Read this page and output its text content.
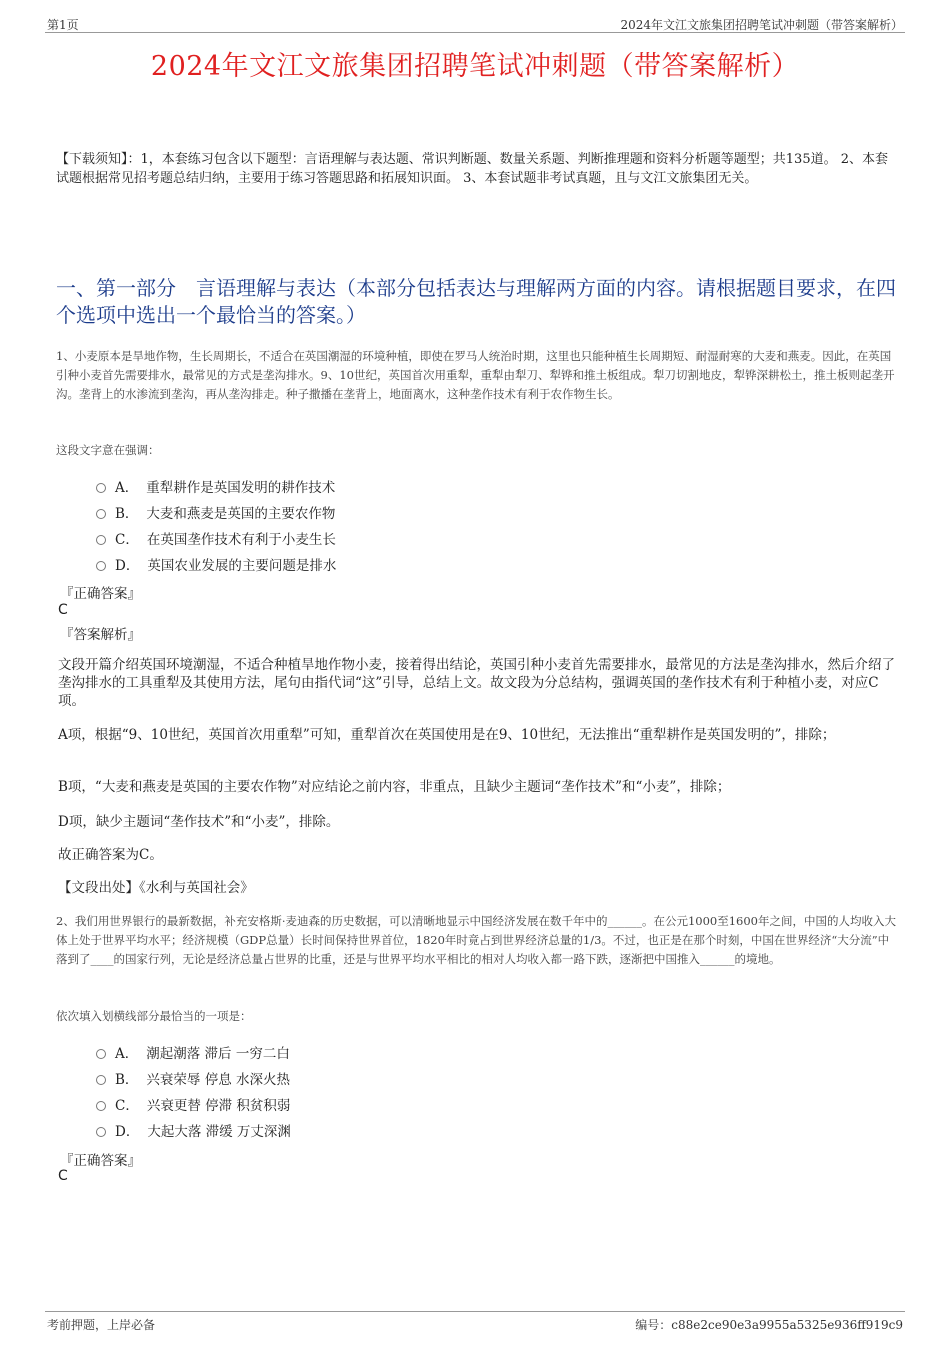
第1页	2024年文江文旅集团招聘笔试冲刺题（带答案解析）
2024年文江文旅集团招聘笔试冲刺题（带答案解析）
【下载须知】：1，本套练习包含以下题型：言语理解与表达题、常识判断题、数量关系题、判断推理题和资料分析题等题型；共135道。 2、本套试题根据常见招考题总结归纳，主要用于练习答题思路和拓展知识面。 3、本套试题非考试真题，且与文江文旅集团无关。
一、第一部分　言语理解与表达（本部分包括表达与理解两方面的内容。请根据题目要求，在四个选项中选出一个最恰当的答案。）
1、小麦原本是旱地作物，生长周期长，不适合在英国潮湿的环境种植，即使在罗马人统治时期，这里也只能种植生长周期短、耐湿耐寒的大麦和燕麦。因此，在英国引种小麦首先需要排水，最常见的方式是垄沟排水。9、10世纪，英国首次用重犁，重犁由犁刀、犁铧和推土板组成。犁刀切割地皮，犁铧深耕松土，推土板则起垄开沟。垄背上的水渗流到垄沟，再从垄沟排走。种子撒播在垄背上，地面离水，这种垄作技术有利于农作物生长。
这段文字意在强调：
A． 重犁耕作是英国发明的耕作技术
B． 大麦和燕麦是英国的主要农作物
C． 在英国垄作技术有利于小麦生长
D． 英国农业发展的主要问题是排水
『正确答案』
C
『答案解析』
文段开篇介绍英国环境潮湿，不适合种植旱地作物小麦，接着得出结论，英国引种小麦首先需要排水，最常见的方法是垄沟排水，然后介绍了垄沟排水的工具重犁及其使用方法，尾句由指代词“这”引导，总结上文。故文段为分总结构，强调英国的垄作技术有利于种植小麦，对应C项。
A项，根据“9、10世纪，英国首次用重犁”可知，重犁首次在英国使用是在9、10世纪，无法推出“重犁耕作是英国发明的”，排除；
B项，“大麦和燕麦是英国的主要农作物”对应结论之前内容，非重点，且缺少主题词“垄作技术”和“小麦”，排除；
D项，缺少主题词“垄作技术”和“小麦”，排除。
故正确答案为C。
【文段出处】《水利与英国社会》
2、我们用世界银行的最新数据，补充安格斯·麦迪森的历史数据，可以清晰地显示中国经济发展在数千年中的______。在公元1000至1600年之间，中国的人均收入大体上处于世界平均水平；经济规模（GDP总量）长时间保持世界首位，1820年时竟占到世界经济总量的1/3。不过，也正是在那个时刻，中国在世界经济“大分流”中落到了____的国家行列，无论是经济总量占世界的比重，还是与世界平均水平相比的相对人均收入都一路下跌，逐渐把中国推入______的境地。
依次填入划横线部分最恰当的一项是：
A． 潮起潮落 滞后 一穷二白
B． 兴衰荣辱 停息 水深火热
C． 兴衰更替 停滞 积贫积弱
D． 大起大落 滞缓 万丈深渊
『正确答案』
C
考前押题，上岸必备	编号：c88e2ce90e3a9955a5325e936ff919c9
